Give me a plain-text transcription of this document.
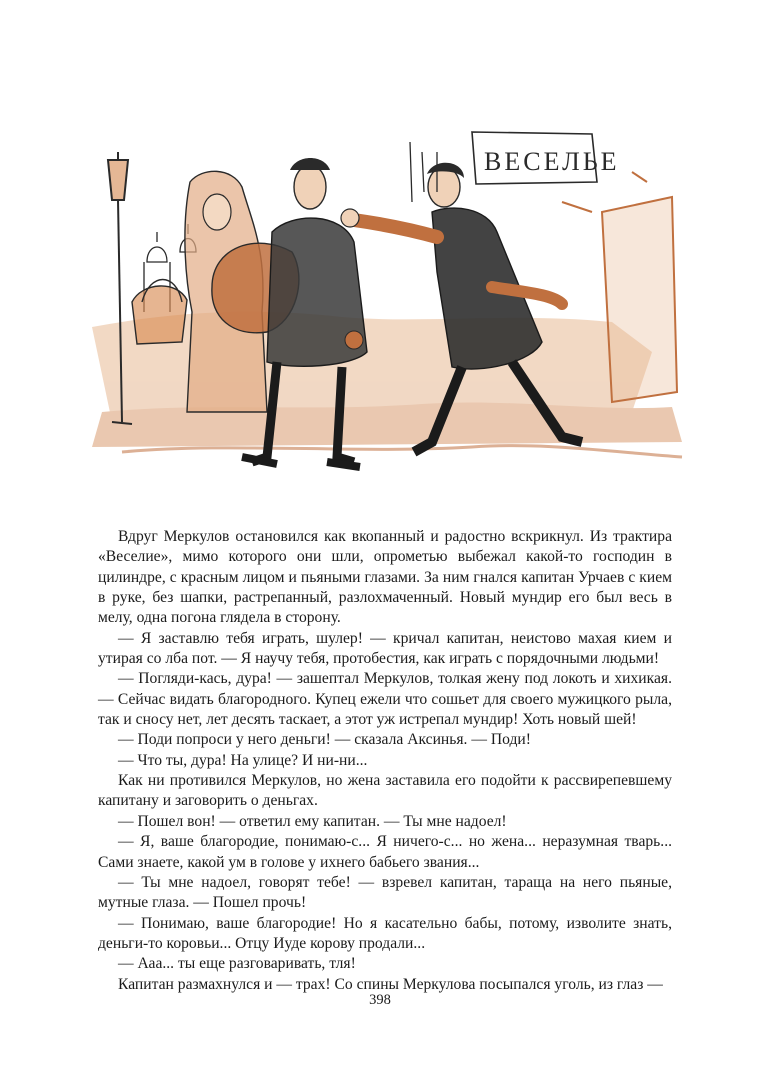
ВЕСЕЛЬЕ

Вдруг Меркулов остановился как вкопанный и радостно вскрикнул. Из трактира «Веселие», мимо которого они шли, опрометью выбежал какой-то господин в цилиндре, с красным лицом и пьяными глазами. За ним гнался капитан Урчаев с кием в руке, без шапки, растрепанный, разлохмаченный. Новый мундир его был весь в мелу, одна погона глядела в сторону.

— Я заставлю тебя играть, шулер! — кричал капитан, неистово махая кием и утирая со лба пот. — Я научу тебя, протобестия, как играть с порядочными людьми!

— Погляди-кась, дура! — зашептал Меркулов, толкая жену под локоть и хихикая. — Сейчас видать благородного. Купец ежели что сошьет для своего мужицкого рыла, так и сносу нет, лет десять таскает, а этот уж истрепал мундир! Хоть новый шей!

— Поди попроси у него деньги! — сказала Аксинья. — Поди!

— Что ты, дура! На улице? И ни-ни...

Как ни противился Меркулов, но жена заставила его подойти к рассвирепевшему капитану и заговорить о деньгах.

— Пошел вон! — ответил ему капитан. — Ты мне надоел!

— Я, ваше благородие, понимаю-с... Я ничего-с... но жена... неразумная тварь... Сами знаете, какой ум в голове у ихнего бабьего звания...

— Ты мне надоел, говорят тебе! — взревел капитан, таращa на него пьяные, мутные глаза. — Пошел прочь!

— Понимаю, ваше благородие! Но я касательно бабы, потому, изволите знать, деньги-то коровьи... Отцу Иуде корову продали...

— Ааа... ты еще разговаривать, тля!

Капитан размахнулся и — трах! Со спины Меркулова посыпался уголь, из глаз —

398
